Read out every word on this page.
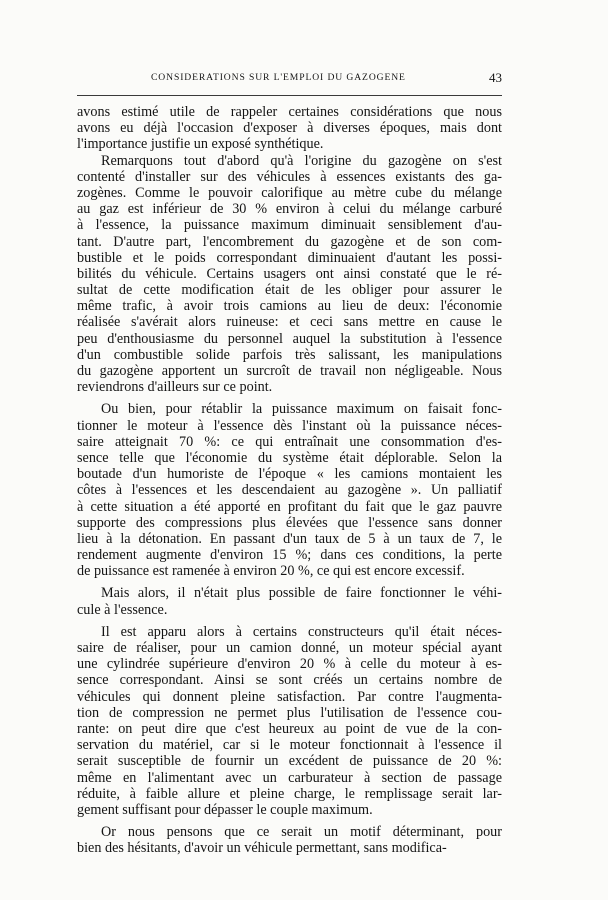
CONSIDERATIONS SUR L'EMPLOI DU GAZOGENE	43
avons estimé utile de rappeler certaines considérations que nous
avons eu déjà l'occasion d'exposer à diverses époques, mais dont
l'importance justifie un exposé synthétique.
Remarquons tout d'abord qu'à l'origine du gazogène on s'est
contenté d'installer sur des véhicules à essences existants des ga-
zogènes. Comme le pouvoir calorifique au mètre cube du mélange
au gaz est inférieur de 30 % environ à celui du mélange carburé
à l'essence, la puissance maximum diminuait sensiblement d'au-
tant. D'autre part, l'encombrement du gazogène et de son com-
bustible et le poids correspondant diminuaient d'autant les possi-
bilités du véhicule. Certains usagers ont ainsi constaté que le ré-
sultat de cette modification était de les obliger pour assurer le
même trafic, à avoir trois camions au lieu de deux: l'économie
réalisée s'avérait alors ruineuse: et ceci sans mettre en cause le
peu d'enthousiasme du personnel auquel la substitution à l'essence
d'un combustible solide parfois très salissant, les manipulations
du gazogène apportent un surcroît de travail non négligeable. Nous
reviendrons d'ailleurs sur ce point.
Ou bien, pour rétablir la puissance maximum on faisait fonc-
tionner le moteur à l'essence dès l'instant où la puissance néces-
saire atteignait 70 %: ce qui entraînait une consommation d'es-
sence telle que l'économie du système était déplorable. Selon la
boutade d'un humoriste de l'époque « les camions montaient les
côtes à l'essences et les descendaient au gazogène ». Un palliatif
à cette situation a été apporté en profitant du fait que le gaz pauvre
supporte des compressions plus élevées que l'essence sans donner
lieu à la détonation. En passant d'un taux de 5 à un taux de 7, le
rendement augmente d'environ 15 %; dans ces conditions, la perte
de puissance est ramenée à environ 20 %, ce qui est encore excessif.
Mais alors, il n'était plus possible de faire fonctionner le véhi-
cule à l'essence.
Il est apparu alors à certains constructeurs qu'il était néces-
saire de réaliser, pour un camion donné, un moteur spécial ayant
une cylindrée supérieure d'environ 20 % à celle du moteur à es-
sence correspondant. Ainsi se sont créés un certains nombre de
véhicules qui donnent pleine satisfaction. Par contre l'augmenta-
tion de compression ne permet plus l'utilisation de l'essence cou-
rante: on peut dire que c'est heureux au point de vue de la con-
servation du matériel, car si le moteur fonctionnait à l'essence il
serait susceptible de fournir un excédent de puissance de 20 %:
même en l'alimentant avec un carburateur à section de passage
réduite, à faible allure et pleine charge, le remplissage serait lar-
gement suffisant pour dépasser le couple maximum.
Or nous pensons que ce serait un motif déterminant, pour
bien des hésitants, d'avoir un véhicule permettant, sans modifica-
